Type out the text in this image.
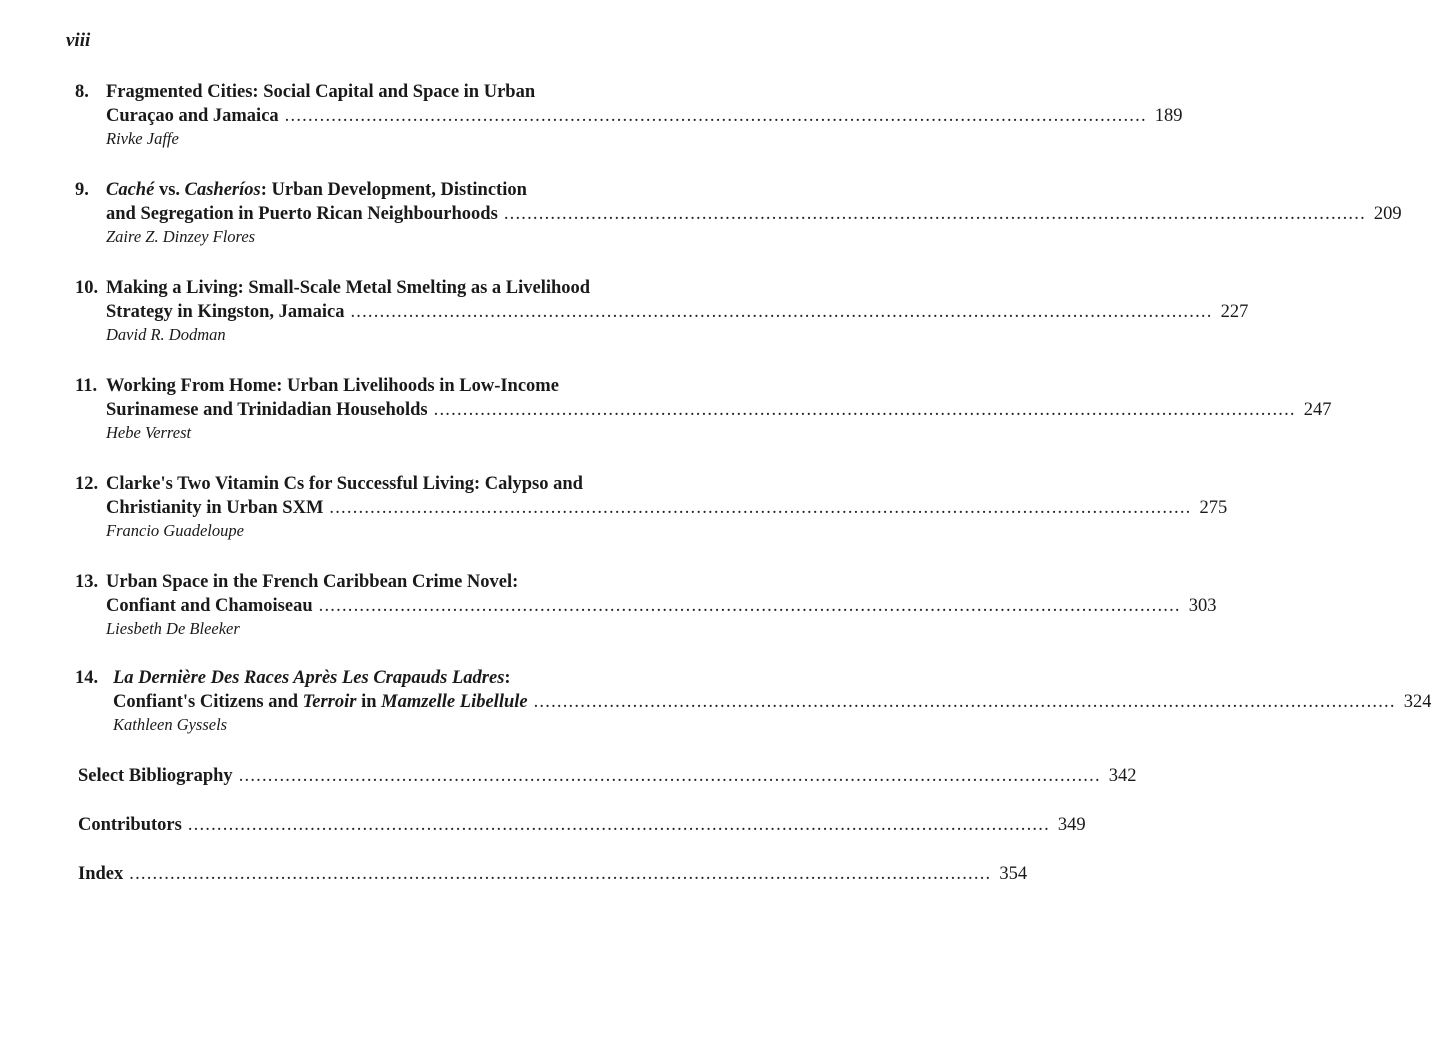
viii
8. Fragmented Cities: Social Capital and Space in Urban
Curaçao and Jamaica .................................................................................................................................................... 189
Rivke Jaffe
9. Caché vs. Casheríos: Urban Development, Distinction
and Segregation in Puerto Rican Neighbourhoods .................................................................................................................................................... 209
Zaire Z. Dinzey Flores
10. Making a Living: Small-Scale Metal Smelting as a Livelihood
Strategy in Kingston, Jamaica .................................................................................................................................................... 227
David R. Dodman
11. Working From Home: Urban Livelihoods in Low-Income
Surinamese and Trinidadian Households .................................................................................................................................................... 247
Hebe Verrest
12. Clarke's Two Vitamin Cs for Successful Living: Calypso and
Christianity in Urban SXM .................................................................................................................................................... 275
Francio Guadeloupe
13. Urban Space in the French Caribbean Crime Novel:
Confiant and Chamoiseau .................................................................................................................................................... 303
Liesbeth De Bleeker
14. La Dernière Des Races Après Les Crapauds Ladres:
Confiant's Citizens and Terroir in Mamzelle Libellule .................................................................................................................................................... 324
Kathleen Gyssels
Select Bibliography .................................................................................................................................................... 342
Contributors .................................................................................................................................................... 349
Index .................................................................................................................................................... 354
